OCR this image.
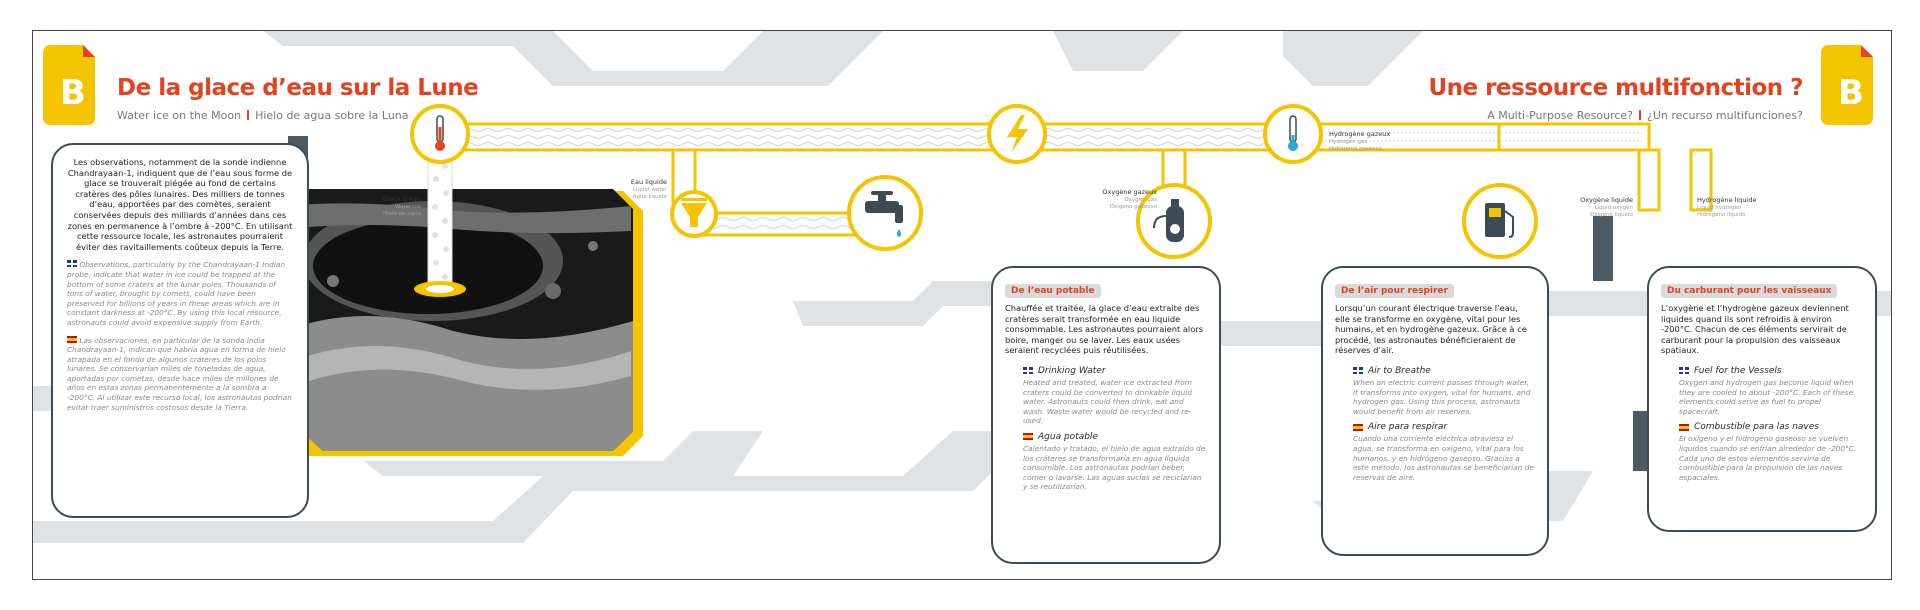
B	B
De la glace d’eau sur la Lune
Water ice on the Moon Hielo de agua sobre la Luna
Une ressource multifonction ?
A Multi-Purpose Resource? ¿Un recurso multifunciones?

Les observations, notamment de la sonde indienne Chandrayaan-1, indiquent que de l’eau sous forme de glace se trouverait piégée au fond de certains cratères des pôles lunaires. Des milliers de tonnes d’eau, apportées par des comètes, seraient conservées depuis des milliards d’années dans ces zones en permanence à l’ombre à -200°C. En utilisant cette ressource locale, les astronautes pourraient éviter des ravitaillements coûteux depuis la Terre.

Observations, particularly by the Chandrayaan-1 Indian probe, indicate that water in ice could be trapped at the bottom of some craters at the lunar poles. Thousands of tons of water, brought by comets, could have been preserved for billions of years in these areas which are in constant darkness at -200°C. By using this local resource, astronauts could avoid expensive supply from Earth.

Las observaciones, en particular de la sonda india Chandrayaan-1, indican que habría agua en forma de hielo atrapada en el fondo de algunos cráteres de los polos lunares. Se conservarían miles de toneladas de agua, aportadas por cometas, desde hace miles de millones de años en estas zonas permanentemente a la sombra a -200°C. Al utilizar este recurso local, los astronautas podrían evitar traer suministros costosos desde la Tierra.

Glace d’eau
Water ice
Hielo de agua
Eau liquide
Liquid water
Agua líquida
Hydrogène gazeux
Hydrogen gas
Hidrógeno gaseoso
Oxygène gazeux
Oxygen gas
Oxígeno gaseoso
Oxygène liquide
Liquid oxygen
Oxígeno líquido
Hydrogène liquide
Liquid hydrogen
Hidrógeno líquido
De l’eau potable

Chauffée et traitée, la glace d’eau extraite des cratères serait transformée en eau liquide consommable. Les astronautes pourraient alors boire, manger ou se laver. Les eaux usées seraient recyclées puis réutilisées.

Drinking Water

Heated and treated, water ice extracted from craters could be converted to drinkable liquid water. Astronauts could then drink, eat and wash. Waste water would be recycled and re-used.

Agua potable

Calentado y tratado, el hielo de agua extraído de los cráteres se transformaría en agua líquida consumible. Los astronautas podrían beber, comer o lavarse. Las aguas sucias se reciclarían y se reutilizarían.

De l’air pour respirer

Lorsqu’un courant électrique traverse l’eau, elle se transforme en oxygène, vital pour les humains, et en hydrogène gazeux. Grâce à ce procédé, les astronautes bénéficieraient de réserves d’air.

Air to Breathe

When an electric current passes through water, it transforms into oxygen, vital for humans, and hydrogen gas. Using this process, astronauts would benefit from air reserves.

Aire para respirar

Cuando una corriente eléctrica atraviesa el agua, se transforma en oxígeno, vital para los humanos, y en hidrógeno gaseoso. Gracias a este método, los astronautas se beneficiarían de reservas de aire.

Du carburant pour les vaisseaux

L’oxygène et l’hydrogène gazeux deviennent liquides quand ils sont refroidis à environ -200°C. Chacun de ces éléments servirait de carburant pour la propulsion des vaisseaux spatiaux.

Fuel for the Vessels

Oxygen and hydrogen gas become liquid when they are cooled to about -200°C. Each of these elements could serve as fuel to propel spacecraft.

Combustible para las naves

El oxígeno y el hidrógeno gaseoso se vuelven líquidos cuando se enfrían alrededor de -200°C. Cada uno de estos elementos serviría de combustible para la propulsión de las naves espaciales.
